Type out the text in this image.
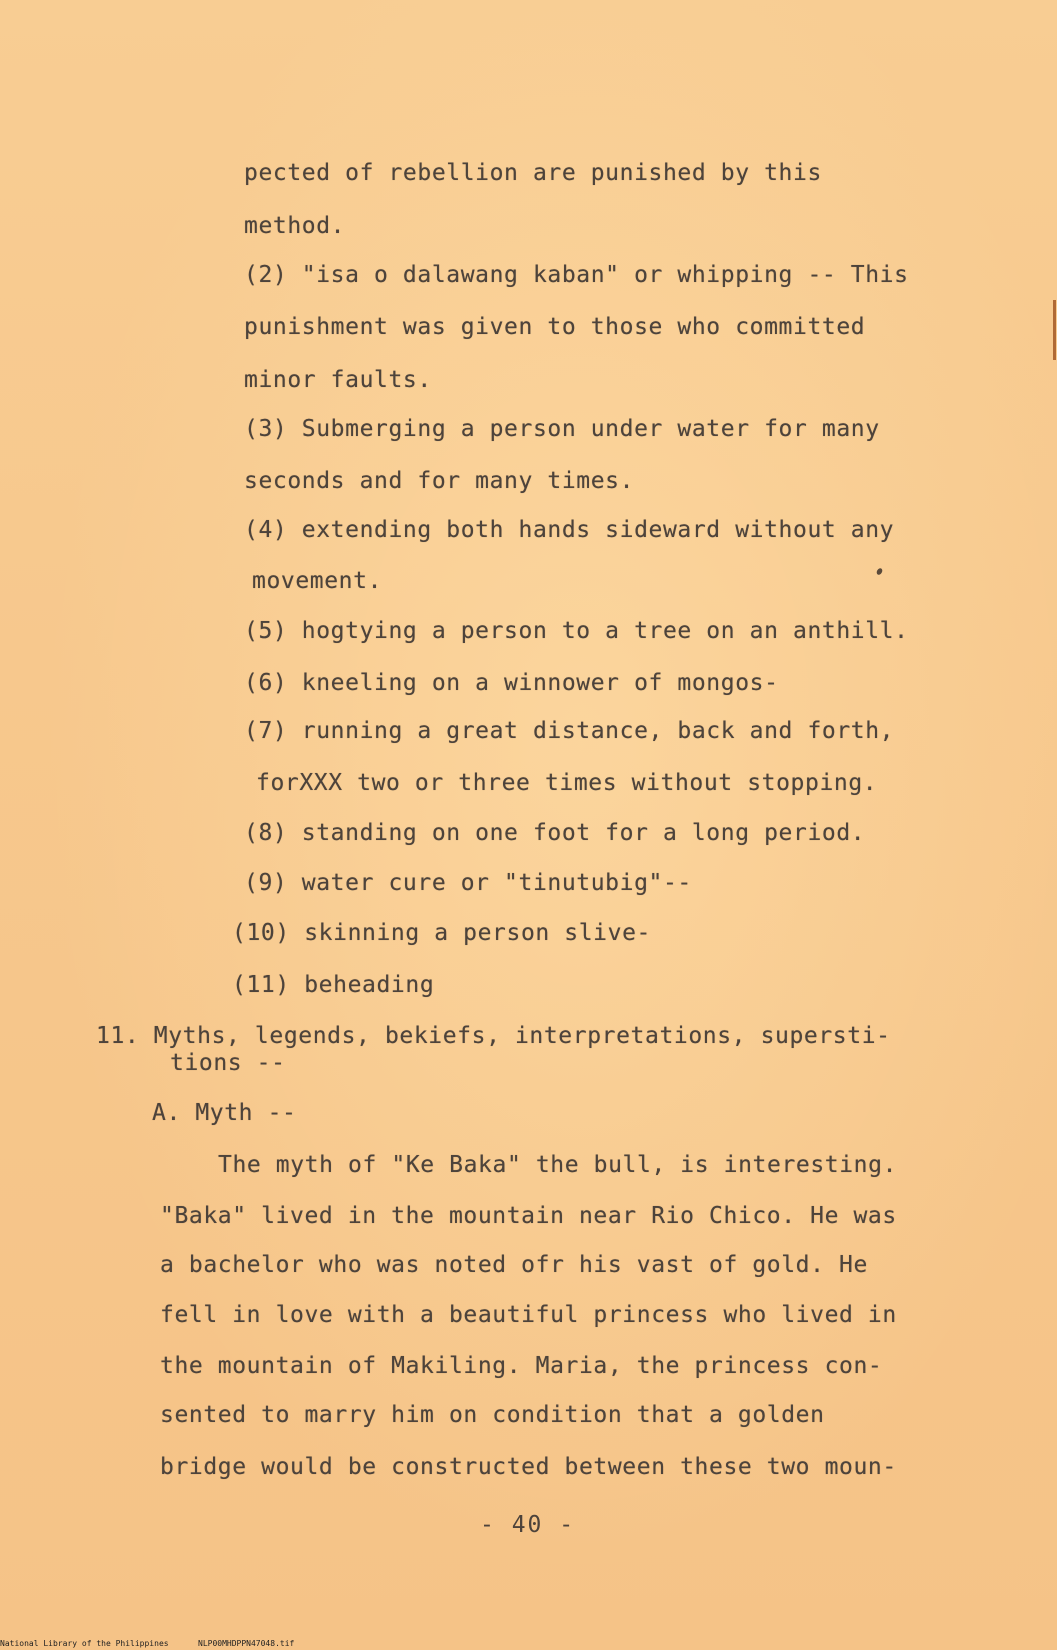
pected of rebellion are punished by this
method.
(2) "isa o dalawang kaban" or whipping -- This
punishment was given to those who committed
minor faults.
(3) Submerging a person under water for many
seconds and for many times.
(4) extending both hands sideward without any
movement.
(5) hogtying a person to a tree on an anthill.
(6) kneeling on a winnower of mongos-
(7) running a great distance, back and forth,
forXXX two or three times without stopping.
(8) standing on one foot for a long period.
(9) water cure or "tinutubig"--
(10) skinning a person slive-
(11) beheading
11. Myths, legends, bekiefs, interpretations, supersti-
tions --
A. Myth --
The myth of "Ke Baka" the bull, is interesting.
"Baka" lived in the mountain near Rio Chico. He was
a bachelor who was noted ofr his vast of gold. He
fell in love with a beautiful princess who lived in
the mountain of Makiling. Maria, the princess con-
sented to marry him on condition that a golden
bridge would be constructed between these two moun-
- 40 -
National Library of the Philippines	NLP00MHDPPN47048.tif
